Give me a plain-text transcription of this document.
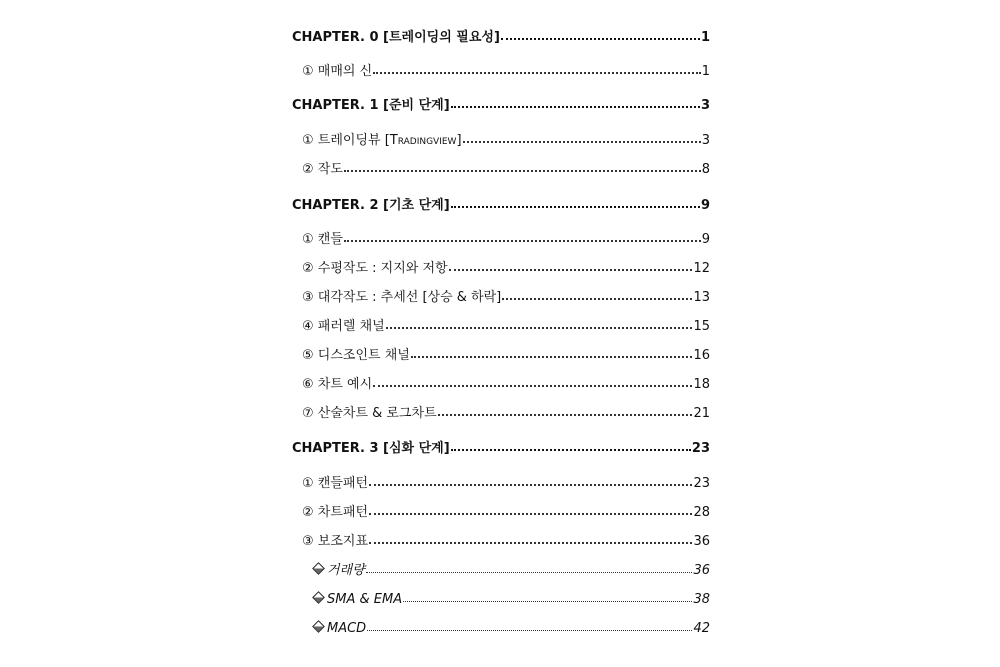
CHAPTER. 0 [트레이딩의 필요성]	1
① 매매의 신	1
CHAPTER. 1 [준비 단계]	3
① 트레이딩뷰 [Tradingview]	3
② 작도	8
CHAPTER. 2 [기초 단계]	9
① 캔들	9
② 수평작도 : 지지와 저항	12
③ 대각작도 : 추세선 [상승 & 하락]	13
④ 패러렐 채널	15
⑤ 디스조인트 채널	16
⑥ 차트 예시	18
⑦ 산술차트 & 로그차트	21
CHAPTER. 3 [심화 단계]	23
① 캔들패턴	23
② 차트패턴	28
③ 보조지표	36
거래량	36
SMA & EMA	38
MACD	42
